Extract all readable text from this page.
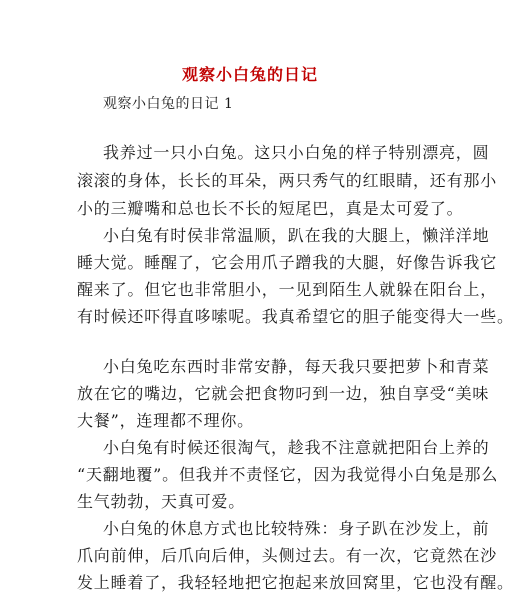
观察小白兔的日记
观察小白兔的日记 1
我养过一只小白兔。这只小白兔的样子特别漂亮，圆
滚滚的身体，长长的耳朵，两只秀气的红眼睛，还有那小
小的三瓣嘴和总也长不长的短尾巴，真是太可爱了。
小白兔有时侯非常温顺，趴在我的大腿上，懒洋洋地
睡大觉。睡醒了，它会用爪子蹭我的大腿，好像告诉我它
醒来了。但它也非常胆小，一见到陌生人就躲在阳台上，
有时候还吓得直哆嗦呢。我真希望它的胆子能变得大一些。
小白兔吃东西时非常安静，每天我只要把萝卜和青菜
放在它的嘴边，它就会把食物叼到一边，独自享受“美味
大餐”，连理都不理你。
小白兔有时候还很淘气，趁我不注意就把阳台上养的
“天翻地覆”。但我并不责怪它，因为我觉得小白兔是那么
生气勃勃，天真可爱。
小白兔的休息方式也比较特殊：身子趴在沙发上，前
爪向前伸，后爪向后伸，头侧过去。有一次，它竟然在沙
发上睡着了，我轻轻地把它抱起来放回窝里，它也没有醒。
